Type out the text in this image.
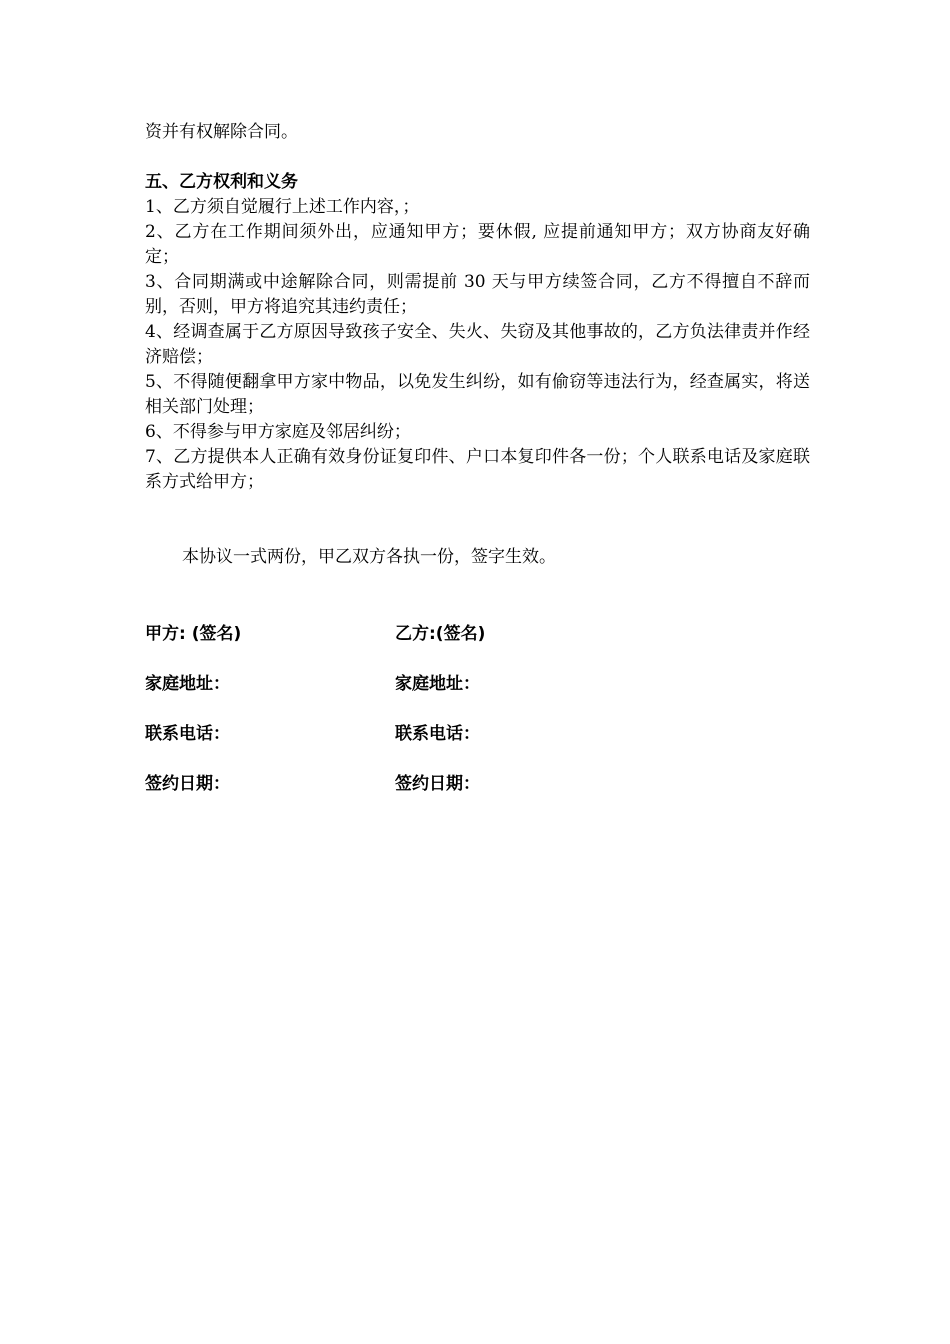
资并有权解除合同。

五、乙方权利和义务

1、乙方须自觉履行上述工作内容，；

2、乙方在工作期间须外出，应通知甲方；要休假, 应提前通知甲方；双方协商友好确定；

3、合同期满或中途解除合同，则需提前 30 天与甲方续签合同，乙方不得擅自不辞而别，否则，甲方将追究其违约责任；

4、经调查属于乙方原因导致孩子安全、失火、失窃及其他事故的，乙方负法律责并作经济赔偿；

5、不得随便翻拿甲方家中物品，以免发生纠纷，如有偷窃等违法行为，经查属实，将送相关部门处理；

6、不得参与甲方家庭及邻居纠纷；

7、乙方提供本人正确有效身份证复印件、户口本复印件各一份；个人联系电话及家庭联系方式给甲方；

本协议一式两份，甲乙双方各执一份，签字生效。

甲方: (签名)	乙方:(签名)
家庭地址：	家庭地址：
联系电话：	联系电话：
签约日期：	签约日期：
